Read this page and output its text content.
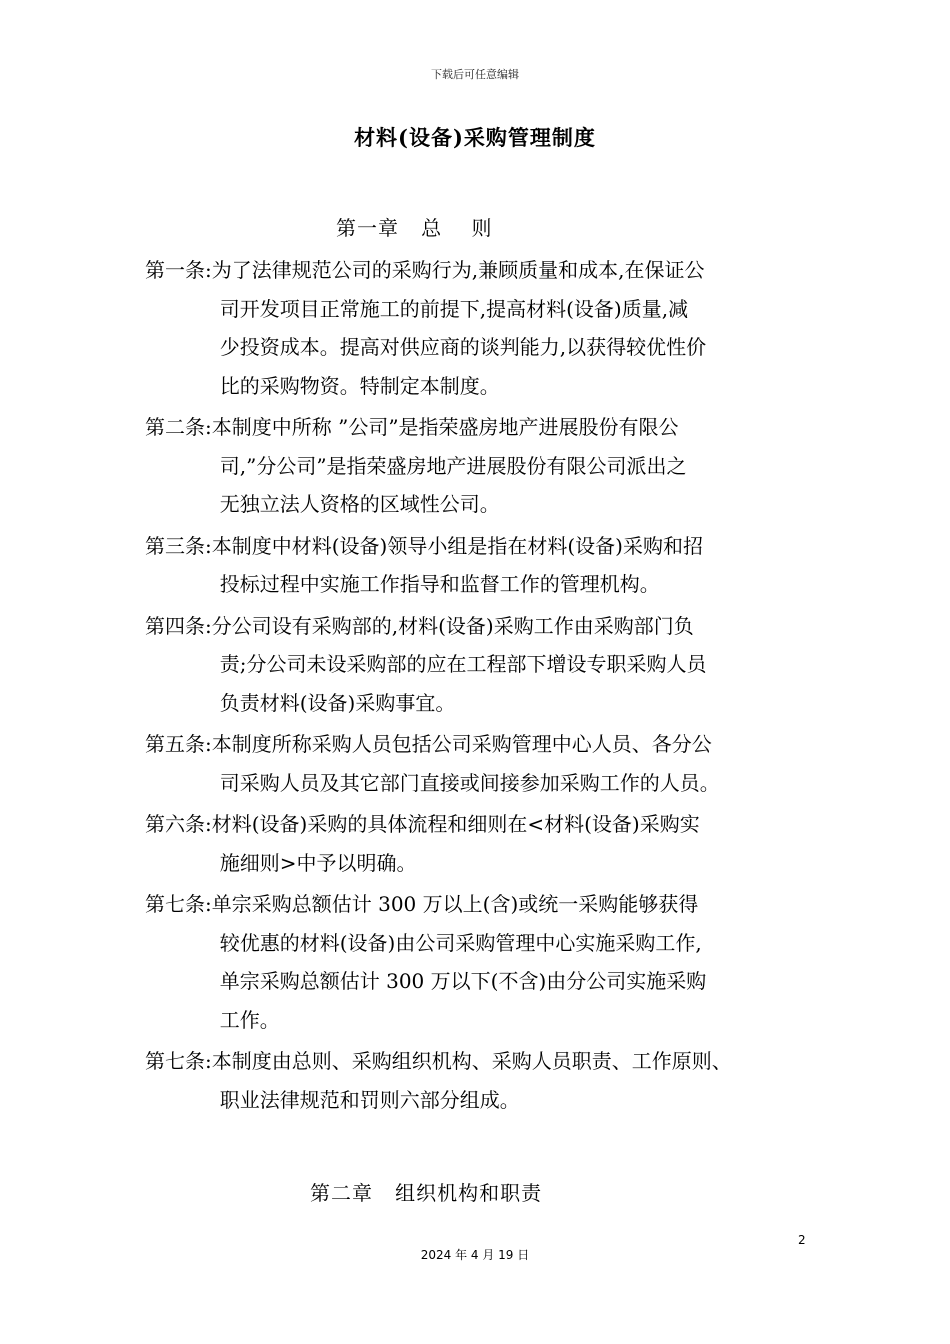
下载后可任意编辑
材料(设备)采购管理制度
第一章   总    则
第一条: 为了法律规范公司的采购行为,兼顾质量和成本,在保证公
司开发项目正常施工的前提下,提高材料(设备)质量,减
少投资成本。提高对供应商的谈判能力,以获得较优性价
比的采购物资。特制定本制度。
第二条: 本制度中所称 ”公司”是指荣盛房地产进展股份有限公
司,”分公司”是指荣盛房地产进展股份有限公司派出之
无独立法人资格的区域性公司。
第三条: 本制度中材料(设备)领导小组是指在材料(设备)采购和招
投标过程中实施工作指导和监督工作的管理机构。
第四条: 分公司设有采购部的,材料(设备)采购工作由采购部门负
责;分公司未设采购部的应在工程部下增设专职采购人员
负责材料(设备)采购事宜。
第五条: 本制度所称采购人员包括公司采购管理中心人员、各分公
司采购人员及其它部门直接或间接参加采购工作的人员。
第六条: 材料(设备)采购的具体流程和细则在<材料(设备)采购实
施细则>中予以明确。
第七条: 单宗采购总额估计 300 万以上(含)或统一采购能够获得
较优惠的材料(设备)由公司采购管理中心实施采购工作,
单宗采购总额估计 300 万以下(不含)由分公司实施采购
工作。
第七条: 本制度由总则、采购组织机构、采购人员职责、工作原则、
职业法律规范和罚则六部分组成。
第二章   组织机构和职责
2
2024 年 4 月 19 日
